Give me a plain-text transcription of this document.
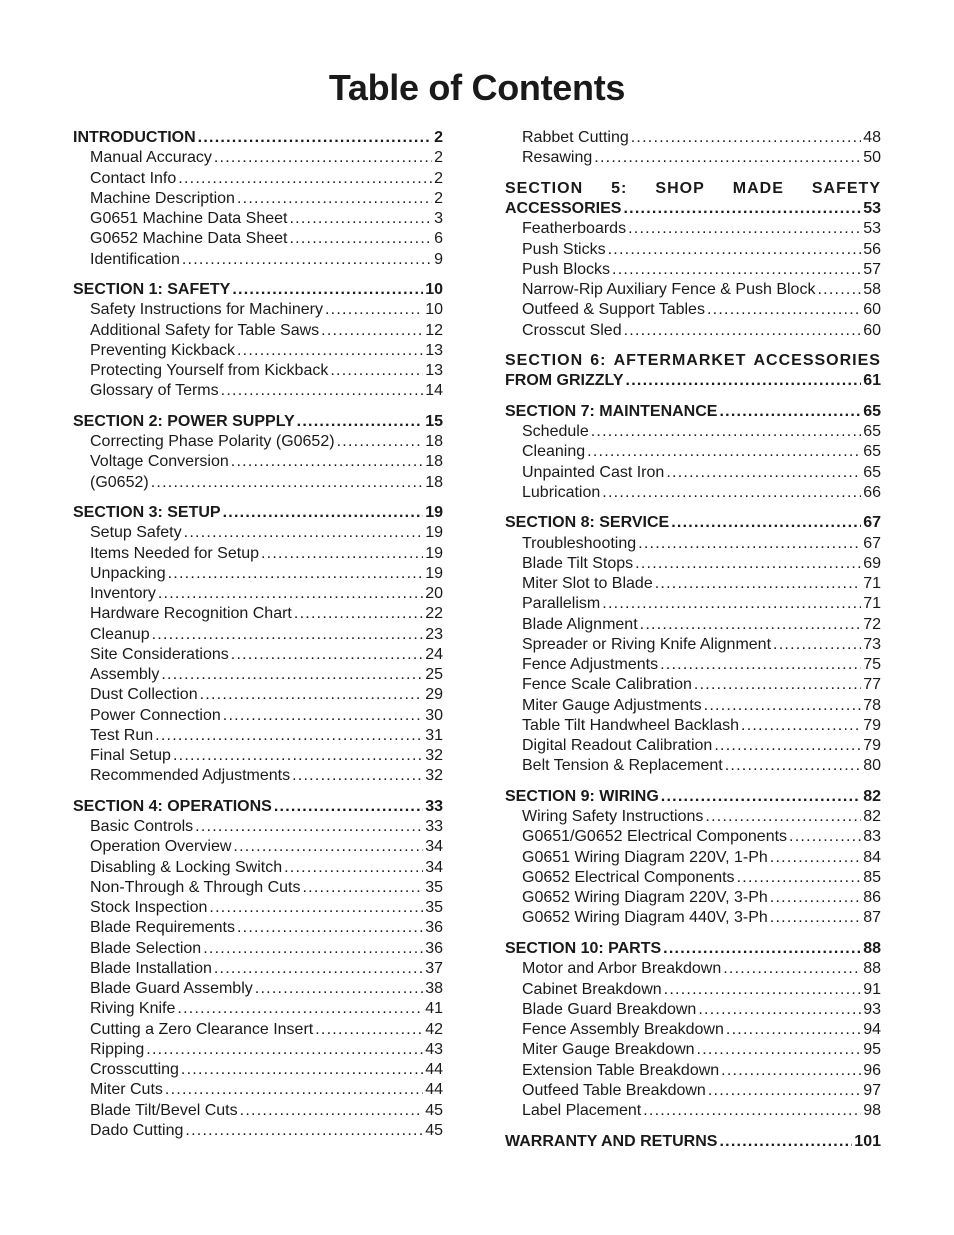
Table of Contents
INTRODUCTION . . .	2
Manual Accuracy . . .	2
Contact Info . . .	2
Machine Description . . .	2
G0651 Machine Data Sheet . . .	3
G0652 Machine Data Sheet . . .	6
Identification . . .	9
SECTION 1: SAFETY . . .	10
Safety Instructions for Machinery . . .	10
Additional Safety for Table Saws . . .	12
Preventing Kickback . . .	13
Protecting Yourself from Kickback . . .	13
Glossary of Terms . . .	14
SECTION 2: POWER SUPPLY . . .	15
Correcting Phase Polarity (G0652) . . .	18
Voltage Conversion . . .	18
(G0652) . . .	18
SECTION 3: SETUP . . .	19
Setup Safety . . .	19
Items Needed for Setup . . .	19
Unpacking . . .	19
Inventory . . .	20
Hardware Recognition Chart . . .	22
Cleanup . . .	23
Site Considerations . . .	24
Assembly . . .	25
Dust Collection . . .	29
Power Connection . . .	30
Test Run . . .	31
Final Setup . . .	32
Recommended Adjustments . . .	32
SECTION 4: OPERATIONS . . .	33
Basic Controls . . .	33
Operation Overview . . .	34
Disabling & Locking Switch . . .	34
Non-Through & Through Cuts . . .	35
Stock Inspection . . .	35
Blade Requirements . . .	36
Blade Selection . . .	36
Blade Installation . . .	37
Blade Guard Assembly . . .	38
Riving Knife . . .	41
Cutting a Zero Clearance Insert . . .	42
Ripping . . .	43
Crosscutting . . .	44
Miter Cuts . . .	44
Blade Tilt/Bevel Cuts . . .	45
Dado Cutting . . .	45
Rabbet Cutting . . .	48
Resawing . . .	50
SECTION 5: SHOP MADE SAFETY
ACCESSORIES . . .	53
Featherboards . . .	53
Push Sticks . . .	56
Push Blocks . . .	57
Narrow-Rip Auxiliary Fence & Push Block . . .	58
Outfeed & Support Tables . . .	60
Crosscut Sled . . .	60
SECTION 6: AFTERMARKET ACCESSORIES
FROM GRIZZLY . . .	61
SECTION 7: MAINTENANCE . . .	65
Schedule . . .	65
Cleaning . . .	65
Unpainted Cast Iron . . .	65
Lubrication . . .	66
SECTION 8: SERVICE . . .	67
Troubleshooting . . .	67
Blade Tilt Stops . . .	69
Miter Slot to Blade . . .	71
Parallelism . . .	71
Blade Alignment . . .	72
Spreader or Riving Knife Alignment . . .	73
Fence Adjustments . . .	75
Fence Scale Calibration . . .	77
Miter Gauge Adjustments . . .	78
Table Tilt Handwheel Backlash . . .	79
Digital Readout Calibration . . .	79
Belt Tension & Replacement . . .	80
SECTION 9: WIRING . . .	82
Wiring Safety Instructions . . .	82
G0651/G0652 Electrical Components . . .	83
G0651 Wiring Diagram 220V, 1-Ph . . .	84
G0652 Electrical Components . . .	85
G0652 Wiring Diagram 220V, 3-Ph . . .	86
G0652 Wiring Diagram 440V, 3-Ph . . .	87
SECTION 10: PARTS . . .	88
Motor and Arbor Breakdown . . .	88
Cabinet Breakdown . . .	91
Blade Guard Breakdown . . .	93
Fence Assembly Breakdown . . .	94
Miter Gauge Breakdown . . .	95
Extension Table Breakdown . . .	96
Outfeed Table Breakdown . . .	97
Label Placement . . .	98
WARRANTY AND RETURNS . . .	101
